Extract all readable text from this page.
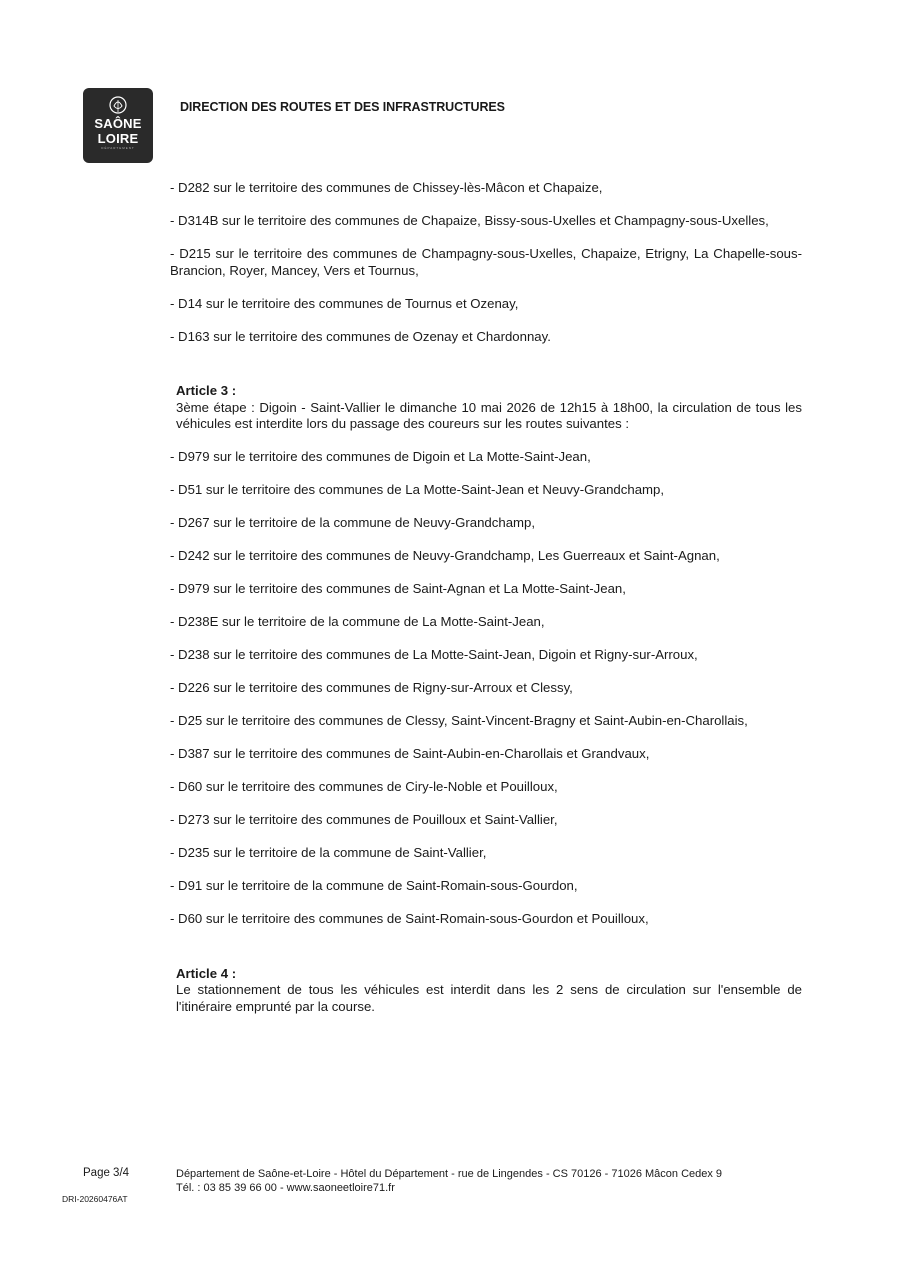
SAÔNE
LOIRE
DÉPARTEMENT
DIRECTION DES ROUTES ET DES INFRASTRUCTURES
- D282 sur le territoire des communes de Chissey-lès-Mâcon et Chapaize,
- D314B sur le territoire des communes de Chapaize, Bissy-sous-Uxelles et Champagny-sous-Uxelles,
- D215 sur le territoire des communes de Champagny-sous-Uxelles, Chapaize, Etrigny, La Chapelle-sous-Brancion, Royer, Mancey, Vers et Tournus,
- D14 sur le territoire des communes de Tournus et Ozenay,
- D163 sur le territoire des communes de Ozenay et Chardonnay.
Article 3 :
3ème étape : Digoin - Saint-Vallier le dimanche 10 mai 2026 de 12h15 à 18h00, la circulation de tous les véhicules est interdite lors du passage des coureurs sur les routes suivantes :
- D979 sur le territoire des communes de Digoin et La Motte-Saint-Jean,
- D51 sur le territoire des communes de La Motte-Saint-Jean et Neuvy-Grandchamp,
- D267 sur le territoire de la commune de Neuvy-Grandchamp,
- D242 sur le territoire des communes de Neuvy-Grandchamp, Les Guerreaux et Saint-Agnan,
- D979 sur le territoire des communes de Saint-Agnan et La Motte-Saint-Jean,
- D238E sur le territoire de la commune de La Motte-Saint-Jean,
- D238 sur le territoire des communes de La Motte-Saint-Jean, Digoin et Rigny-sur-Arroux,
- D226 sur le territoire des communes de Rigny-sur-Arroux et Clessy,
- D25 sur le territoire des communes de Clessy, Saint-Vincent-Bragny et Saint-Aubin-en-Charollais,
- D387 sur le territoire des communes de Saint-Aubin-en-Charollais et Grandvaux,
- D60 sur le territoire des communes de Ciry-le-Noble et Pouilloux,
- D273 sur le territoire des communes de Pouilloux et Saint-Vallier,
- D235 sur le territoire de la commune de Saint-Vallier,
- D91 sur le territoire de la commune de Saint-Romain-sous-Gourdon,
- D60 sur le territoire des communes de Saint-Romain-sous-Gourdon et Pouilloux,
Article 4 :
Le stationnement de tous les véhicules est interdit dans les 2 sens de circulation sur l'ensemble de l'itinéraire emprunté par la course.
Page 3/4
DRI-20260476AT
Département de Saône-et-Loire - Hôtel du Département - rue de Lingendes - CS 70126 - 71026 Mâcon Cedex 9
Tél. : 03 85 39 66 00 - www.saoneetloire71.fr
